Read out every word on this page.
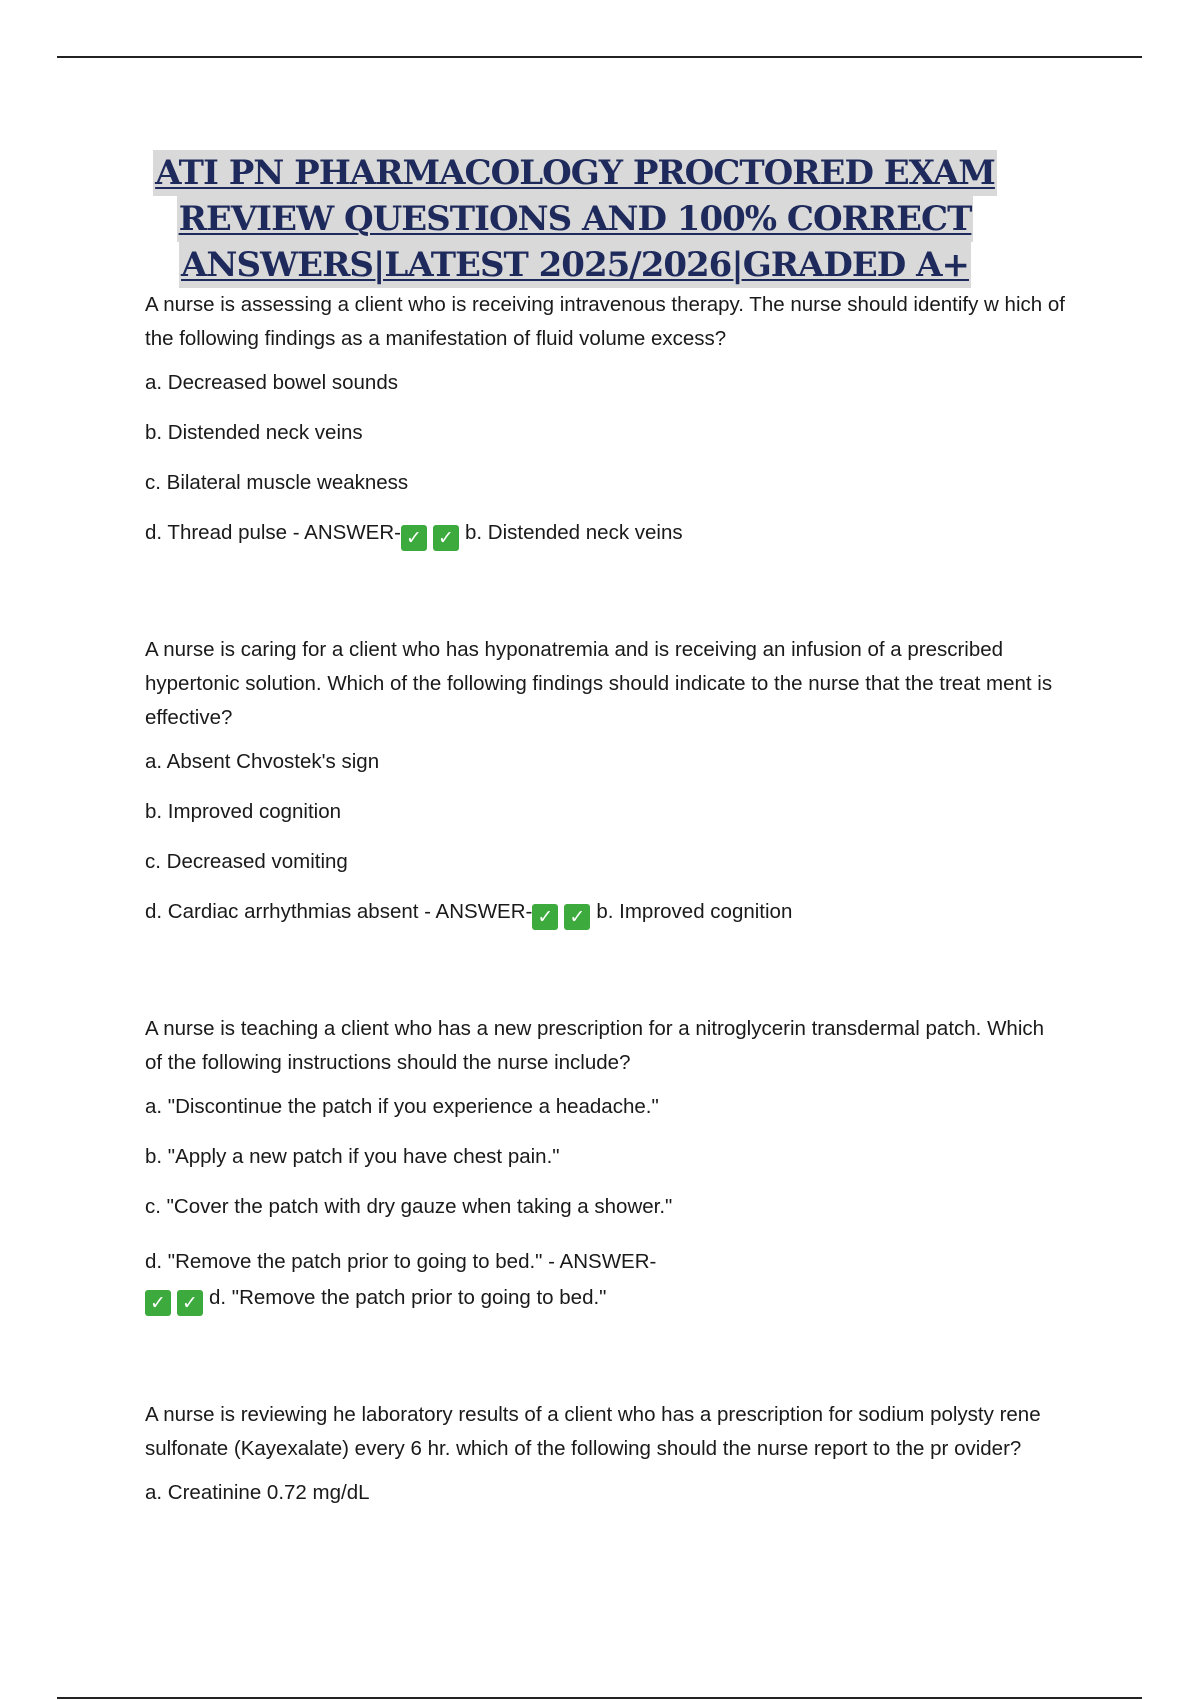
ATI PN PHARMACOLOGY PROCTORED EXAM
REVIEW QUESTIONS AND 100% CORRECT
ANSWERS|LATEST 2025/2026|GRADED A+

A nurse is assessing a client who is receiving intravenous therapy. The nurse should identify w hich of the following findings as a manifestation of fluid volume excess?

a. Decreased bowel sounds

b. Distended neck veins

c. Bilateral muscle weakness

d. Thread pulse - ANSWER- ✓ ✓ b. Distended neck veins

A nurse is caring for a client who has hyponatremia and is receiving an infusion of a prescribed hypertonic solution. Which of the following findings should indicate to the nurse that the treat ment is effective?

a. Absent Chvostek's sign

b. Improved cognition

c. Decreased vomiting

d. Cardiac arrhythmias absent - ANSWER- ✓ ✓ b. Improved cognition

A nurse is teaching a client who has a new prescription for a nitroglycerin transdermal patch. Which of the following instructions should the nurse include?

a. "Discontinue the patch if you experience a headache."

b. "Apply a new patch if you have chest pain."

c. "Cover the patch with dry gauze when taking a shower."

d. "Remove the patch prior to going to bed." - ANSWER-
✓ ✓ d. "Remove the patch prior to going to bed."

A nurse is reviewing he laboratory results of a client who has a prescription for sodium polysty rene sulfonate (Kayexalate) every 6 hr. which of the following should the nurse report to the pr ovider?

a. Creatinine 0.72 mg/dL
